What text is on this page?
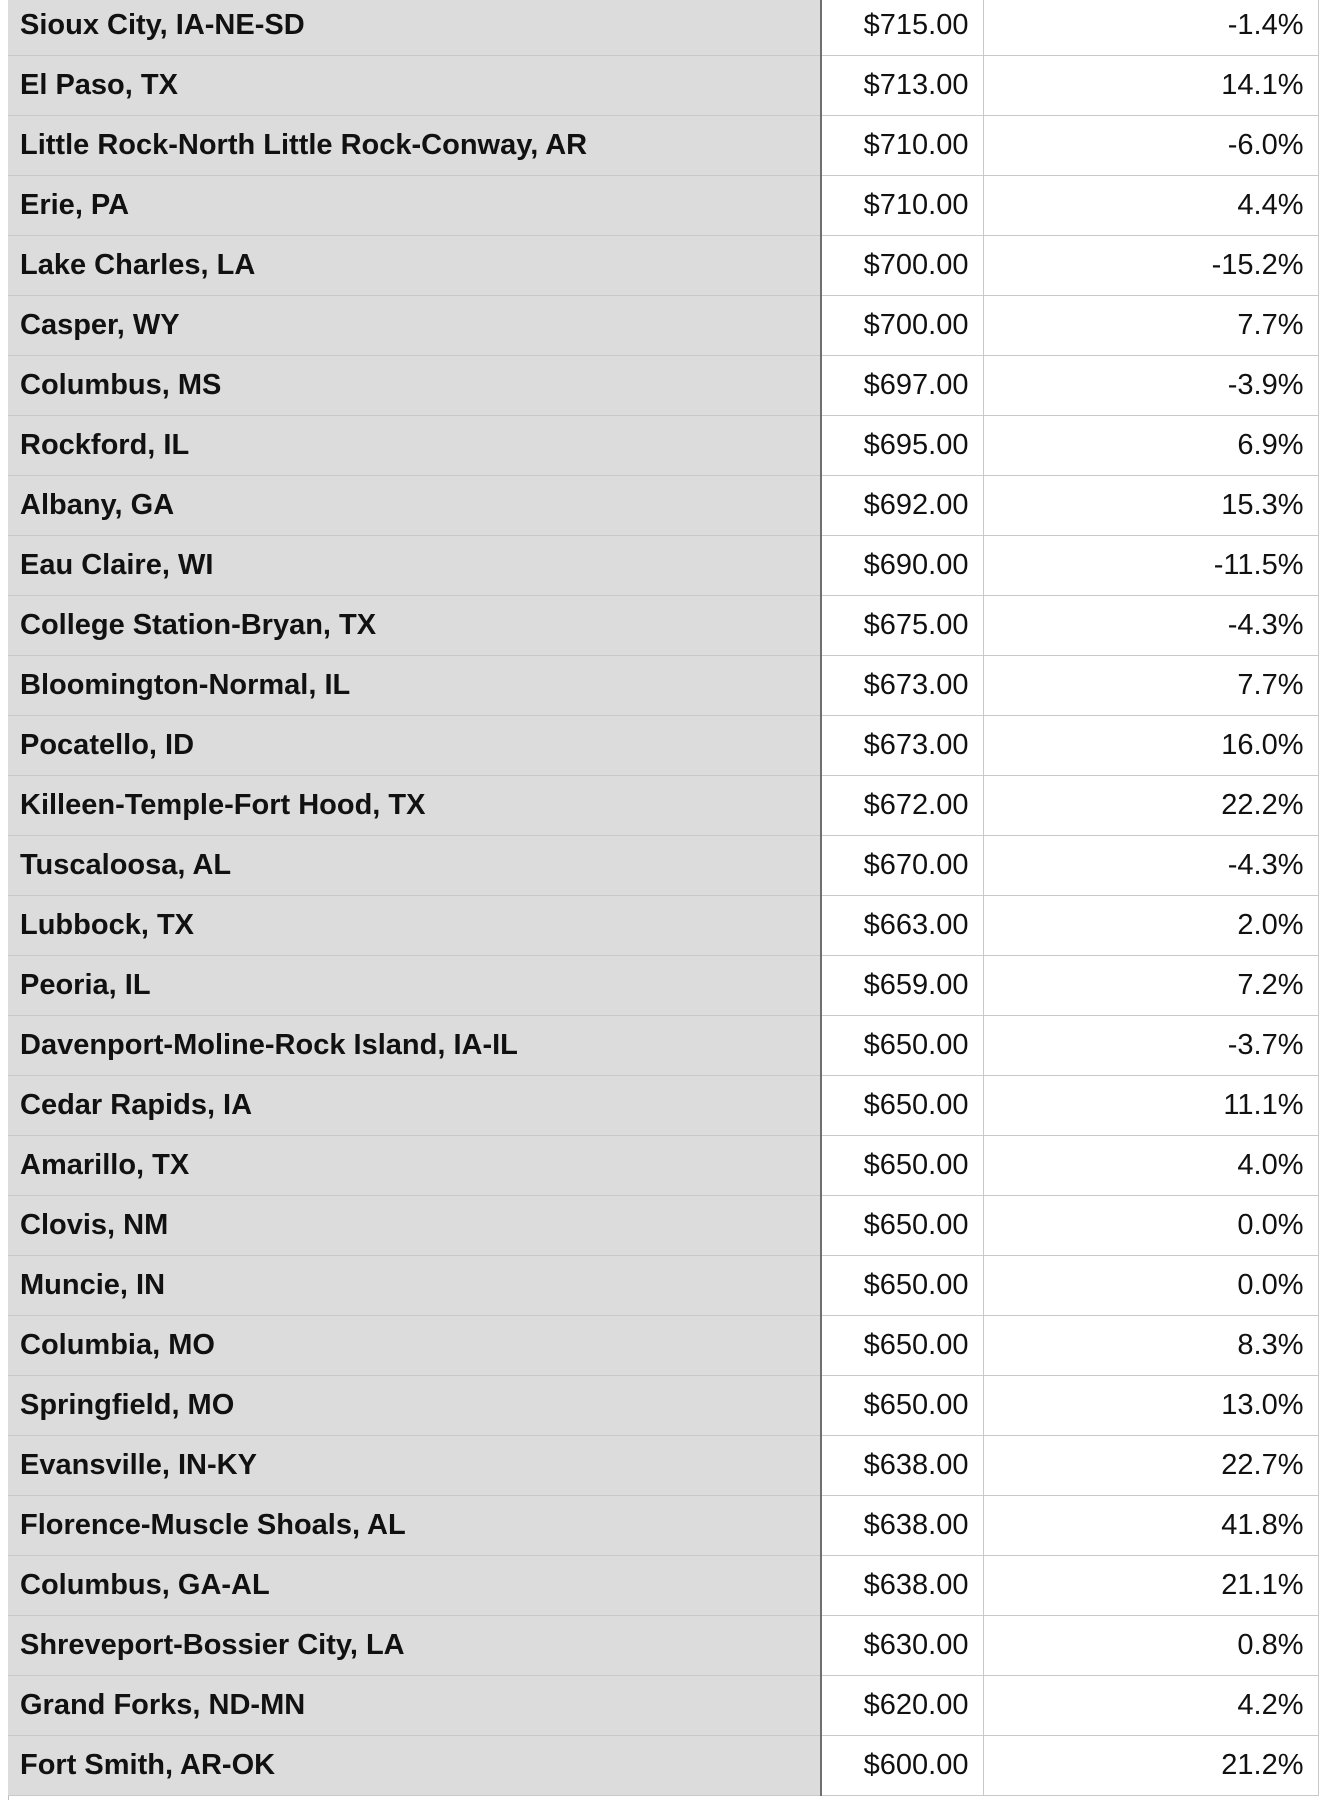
Sioux City, IA-NE-SD	$715.00	-1.4%
El Paso, TX	$713.00	14.1%
Little Rock-North Little Rock-Conway, AR	$710.00	-6.0%
Erie, PA	$710.00	4.4%
Lake Charles, LA	$700.00	-15.2%
Casper, WY	$700.00	7.7%
Columbus, MS	$697.00	-3.9%
Rockford, IL	$695.00	6.9%
Albany, GA	$692.00	15.3%
Eau Claire, WI	$690.00	-11.5%
College Station-Bryan, TX	$675.00	-4.3%
Bloomington-Normal, IL	$673.00	7.7%
Pocatello, ID	$673.00	16.0%
Killeen-Temple-Fort Hood, TX	$672.00	22.2%
Tuscaloosa, AL	$670.00	-4.3%
Lubbock, TX	$663.00	2.0%
Peoria, IL	$659.00	7.2%
Davenport-Moline-Rock Island, IA-IL	$650.00	-3.7%
Cedar Rapids, IA	$650.00	11.1%
Amarillo, TX	$650.00	4.0%
Clovis, NM	$650.00	0.0%
Muncie, IN	$650.00	0.0%
Columbia, MO	$650.00	8.3%
Springfield, MO	$650.00	13.0%
Evansville, IN-KY	$638.00	22.7%
Florence-Muscle Shoals, AL	$638.00	41.8%
Columbus, GA-AL	$638.00	21.1%
Shreveport-Bossier City, LA	$630.00	0.8%
Grand Forks, ND-MN	$620.00	4.2%
Fort Smith, AR-OK	$600.00	21.2%
